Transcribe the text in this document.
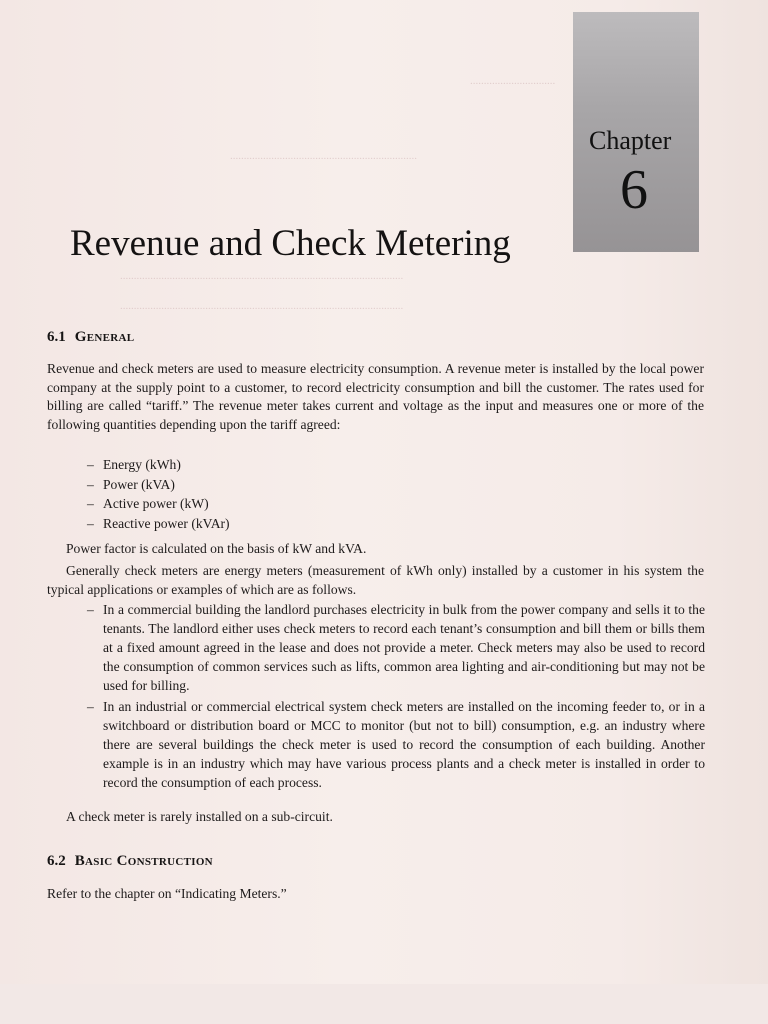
...............................
....................................................................
.......................................................................................................
.......................................................................................................
Chapter
6
Revenue and Check Metering
6.1 General

Revenue and check meters are used to measure electricity consumption. A revenue meter is installed by the local power company at the supply point to a customer, to record electricity consumption and bill the customer. The rates used for billing are called “tariff.” The revenue meter takes current and voltage as the input and measures one or more of the following quantities depending upon the tariff agreed:

– Energy (kWh)
– Power (kVA)
– Active power (kW)
– Reactive power (kVAr)

Power factor is calculated on the basis of kW and kVA.

Generally check meters are energy meters (measurement of kWh only) installed by a customer in his system the typical applications or examples of which are as follows.

– In a commercial building the landlord purchases electricity in bulk from the power company and sells it to the tenants. The landlord either uses check meters to record each tenant’s consumption and bill them or bills them at a fixed amount agreed in the lease and does not provide a meter. Check meters may also be used to record the consumption of common services such as lifts, common area lighting and air-conditioning but may not be used for billing.
– In an industrial or commercial electrical system check meters are installed on the incoming feeder to, or in a switchboard or distribution board or MCC to monitor (but not to bill) consumption, e.g. an industry where there are several buildings the check meter is used to record the consumption of each building. Another example is in an industry which may have various process plants and a check meter is installed in order to record the consumption of each process.

A check meter is rarely installed on a sub-circuit.

6.2 Basic Construction

Refer to the chapter on “Indicating Meters.”
